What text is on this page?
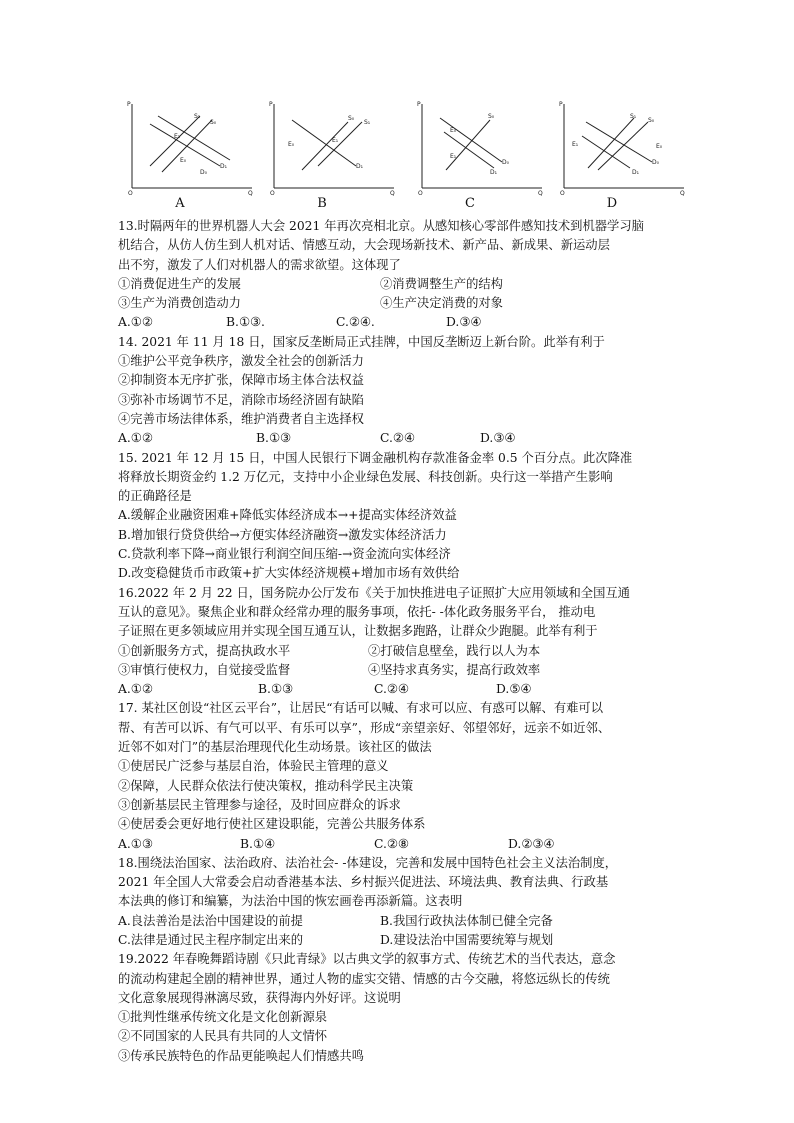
P
O	Q
S₁
S₀
D₁
D₀
E₁
E₀
A
P
O	Q
S₀
S₁
D₁
E₀
E₁
B
P
O	Q
S₀
E₀
E₁
D₀
D₁
C
P
O	Q
S₁
S₀
E₁	E₀
D₀
D₁
D
13.时隔两年的世界机器人大会 2021 年再次亮相北京。从感知核心零部件感知技术到机器学习脑
机结合，从仿人仿生到人机对话、情感互动，大会现场新技术、新产品、新成果、新运动层
出不穷，激发了人们对机器人的需求欲望。这体现了
①消费促进生产的发展	②消费调整生产的结构
③生产为消费创造动力	④生产决定消费的对象
A.①②	B.①③.	C.②④.	D.③④
14. 2021 年 11 月 18 日，国家反垄断局正式挂牌，中国反垄断迈上新台阶。此举有利于
①维护公平竞争秩序，激发全社会的创新活力
②抑制资本无序扩张，保障市场主体合法权益
③弥补市场调节不足，消除市场经济固有缺陷
④完善市场法律体系，维护消费者自主选择权
A.①②	B.①③	C.②④	D.③④
15. 2021 年 12 月 15 日，中国人民银行下调金融机构存款准备金率 0.5 个百分点。此次降准
将释放长期资金约 1.2 万亿元，支持中小企业绿色发展、科技创新。央行这一举措产生影响
的正确路径是
A.缓解企业融资困难+降低实体经济成本→+提高实体经济效益
B.增加银行贷贷供给→方便实体经济融资→激发实体经济活力
C.贷款利率下降→商业银行利润空间压缩-→资金流向实体经济
D.改变稳健货币市政策+扩大实体经济规模+增加市场有效供给
16.2022 年 2 月 22 日，国务院办公厅发布《关于加快推进电子证照扩大应用领域和全国互通
互认的意见》。聚焦企业和群众经常办理的服务事项，依托- -体化政务服务平台， 推动电
子证照在更多领域应用并实现全国互通互认，让数据多跑路，让群众少跑腿。此举有利于
①创新服务方式，提高执政水平	②打破信息壁垒，践行以人为本
③审慎行使权力，自觉接受监督	④坚持求真务实，提高行政效率
A.①②	B.①③	C.②④	D.⑤④
17. 某社区创设“社区云平台”，让居民“有话可以喊、有求可以应、有惑可以解、有难可以
帮、有苦可以诉、有气可以平、有乐可以享”，形成“亲望亲好、邻望邻好，远亲不如近邻、
近邻不如对门”的基层治理现代化生动场景。该社区的做法
①使居民广泛参与基层自治，体验民主管理的意义
②保障，人民群众依法行使决策权，推动科学民主决策
③创新基层民主管理参与途径，及时回应群众的诉求
④使居委会更好地行使社区建设职能，完善公共服务体系
A.①③	B.①④	C.②⑧	D.②③④
18.围绕法治国家、法治政府、法治社会- -体建设，完善和发展中国特色社会主义法治制度，
2021 年全国人大常委会启动香港基本法、乡村振兴促进法、环境法典、教育法典、行政基
本法典的修订和编纂，为法治中国的恢宏画卷再添新篇。这表明
A.良法善治是法治中国建设的前提	B.我国行政执法体制已健全完备
C.法律是通过民主程序制定出来的	D.建设法治中国需要统筹与规划
19.2022 年春晚舞蹈诗剧《只此青绿》以古典文学的叙事方式、传统艺术的当代表达，意念
的流动构建起全剧的精神世界，通过人物的虚实交错、情感的古今交融，将悠远纵长的传统
文化意象展现得淋漓尽致，获得海内外好评。这说明
①批判性继承传统文化是文化创新源泉
②不同国家的人民具有共同的人文情怀
③传承民族特色的作品更能唤起人们情感共鸣
